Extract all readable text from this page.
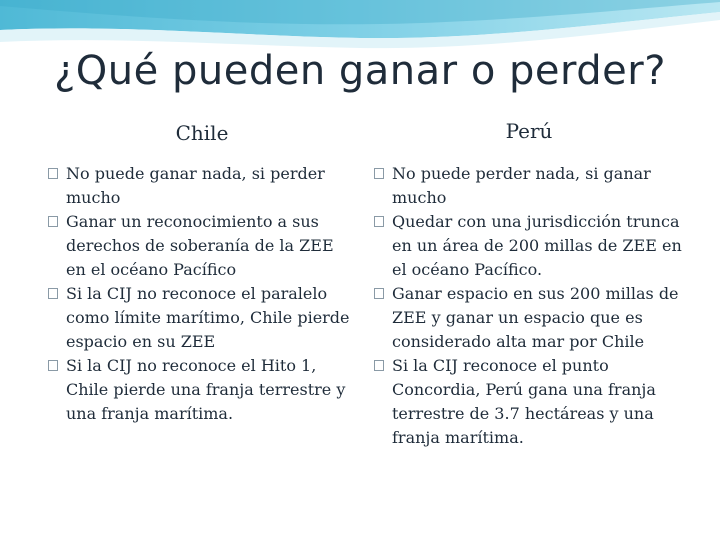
¿Qué pueden ganar o perder?
Chile
No puede ganar nada, si perder mucho
Ganar un reconocimiento a sus derechos de soberanía de la ZEE en el océano Pacífico
Si la CIJ no reconoce el paralelo como límite marítimo, Chile pierde espacio en su ZEE
Si la CIJ no reconoce el Hito 1, Chile pierde una franja terrestre y una franja marítima.
Perú
No puede perder nada, si ganar mucho
Quedar con una jurisdicción trunca en un área de 200 millas de ZEE en el océano Pacífico.
Ganar espacio en sus 200 millas de ZEE y ganar un espacio que es considerado alta mar por Chile
Si la CIJ reconoce el punto Concordia, Perú gana una franja terrestre de 3.7 hectáreas y una franja marítima.
